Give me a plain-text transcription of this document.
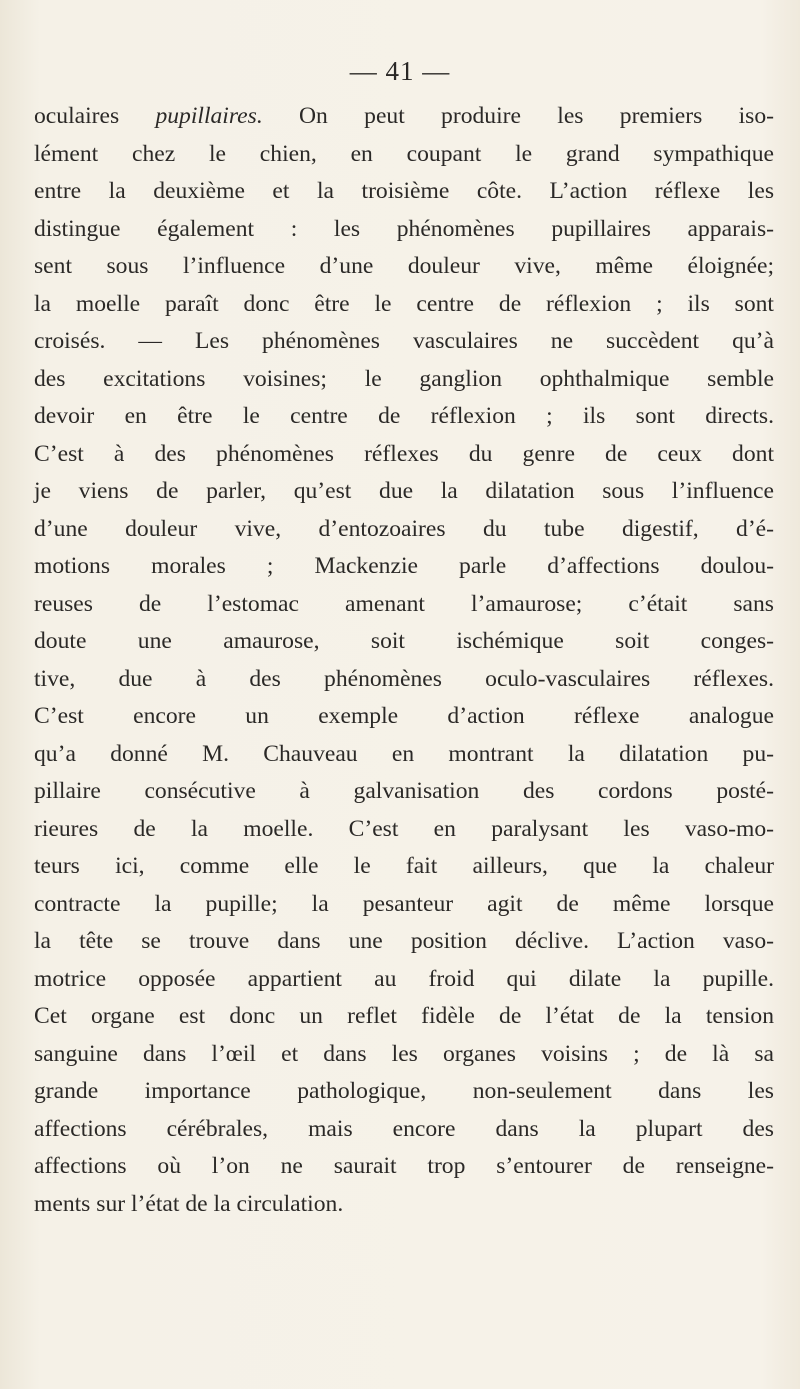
— 41 —
oculaires pupillaires. On peut produire les premiers iso-
lément chez le chien, en coupant le grand sympathique
entre la deuxième et la troisième côte. L’action réflexe les
distingue également : les phénomènes pupillaires apparais-
sent sous l’influence d’une douleur vive, même éloignée;
la moelle paraît donc être le centre de réflexion ; ils sont
croisés. — Les phénomènes vasculaires ne succèdent qu’à
des excitations voisines; le ganglion ophthalmique semble
devoir en être le centre de réflexion ; ils sont directs.
C’est à des phénomènes réflexes du genre de ceux dont
je viens de parler, qu’est due la dilatation sous l’influence
d’une douleur vive, d’entozoaires du tube digestif, d’é-
motions morales ; Mackenzie parle d’affections doulou-
reuses de l’estomac amenant l’amaurose; c’était sans
doute une amaurose, soit ischémique soit conges-
tive, due à des phénomènes oculo-vasculaires réflexes.
C’est encore un exemple d’action réflexe analogue
qu’a donné M. Chauveau en montrant la dilatation pu-
pillaire consécutive à galvanisation des cordons posté-
rieures de la moelle. C’est en paralysant les vaso-mo-
teurs ici, comme elle le fait ailleurs, que la chaleur
contracte la pupille; la pesanteur agit de même lorsque
la tête se trouve dans une position déclive. L’action vaso-
motrice opposée appartient au froid qui dilate la pupille.
Cet organe est donc un reflet fidèle de l’état de la tension
sanguine dans l’œil et dans les organes voisins ; de là sa
grande importance pathologique, non-seulement dans les
affections cérébrales, mais encore dans la plupart des
affections où l’on ne saurait trop s’entourer de renseigne-
ments sur l’état de la circulation.
